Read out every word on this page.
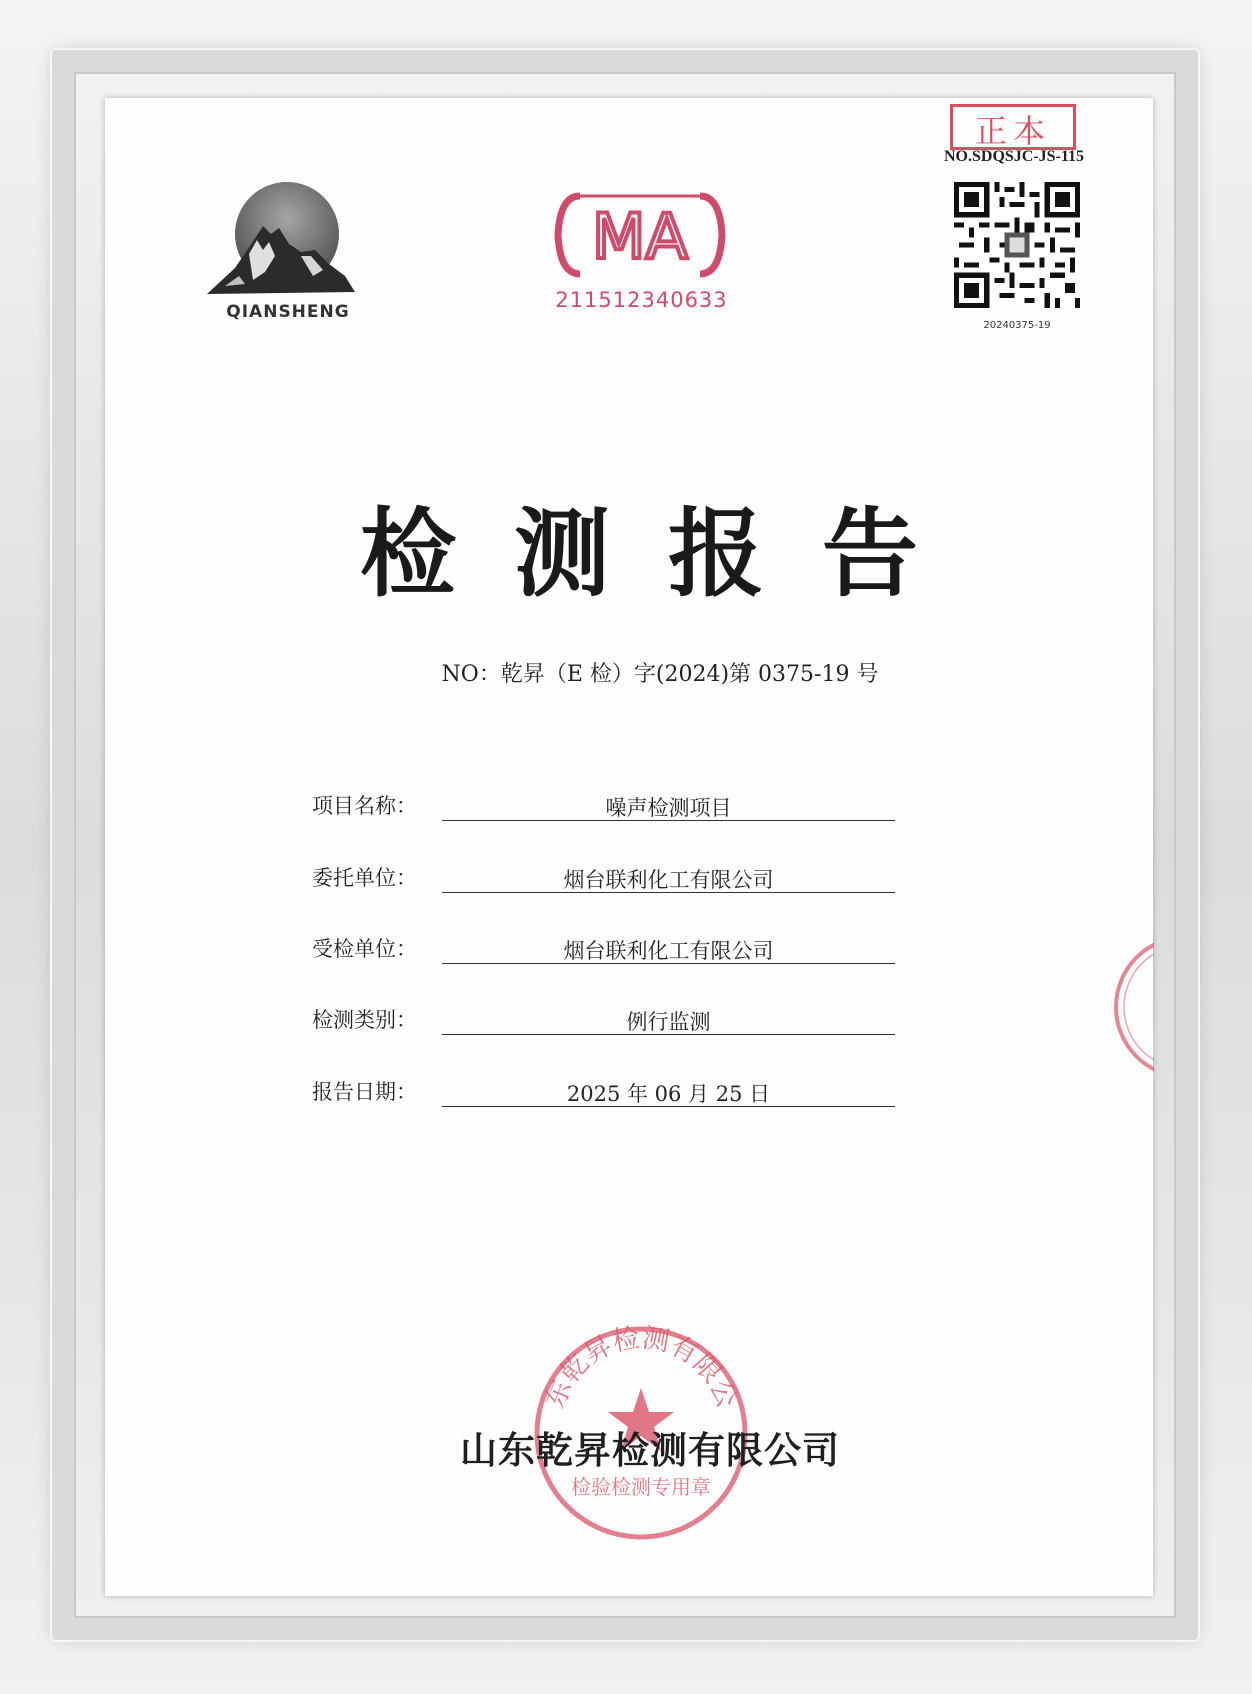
QIANSHENG
MA
211512340633
正本
NO.SDQSJC-JS-115
20240375-19
检测报告
NO：乾昇（E 检）字(2024)第 0375-19 号
项目名称：	噪声检测项目
委托单位：	烟台联利化工有限公司
受检单位：	烟台联利化工有限公司
检测类别：	例行监测
报告日期：	2025 年 06 月 25 日
东乾昇检测有限公
检验检测专用章
山东乾昇检测有限公司
